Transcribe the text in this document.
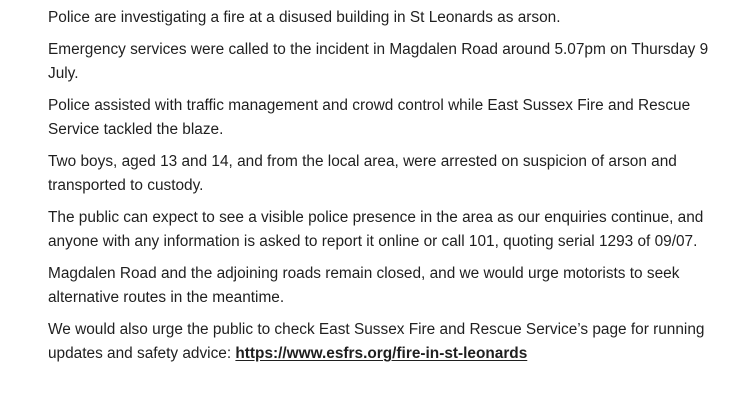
Police are investigating a fire at a disused building in St Leonards as arson.

Emergency services were called to the incident in Magdalen Road around 5.07pm on Thursday 9 July.

Police assisted with traffic management and crowd control while East Sussex Fire and Rescue Service tackled the blaze.

Two boys, aged 13 and 14, and from the local area, were arrested on suspicion of arson and transported to custody.

The public can expect to see a visible police presence in the area as our enquiries continue, and anyone with any information is asked to report it online or call 101, quoting serial 1293 of 09/07.

Magdalen Road and the adjoining roads remain closed, and we would urge motorists to seek alternative routes in the meantime.

We would also urge the public to check East Sussex Fire and Rescue Service’s page for running updates and safety advice: https://www.esfrs.org/fire-in-st-leonards
